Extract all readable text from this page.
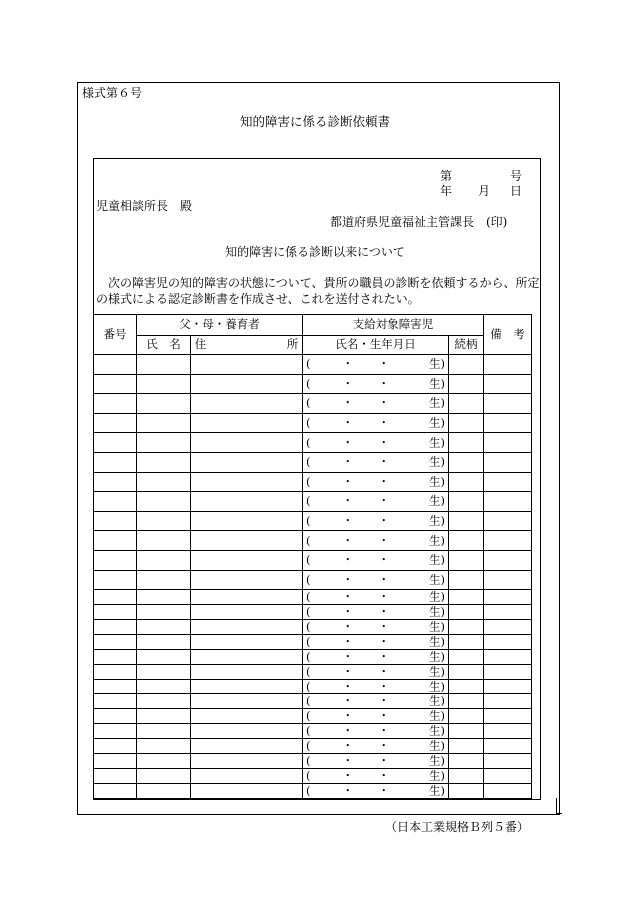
様式第６号
知的障害に係る診断依頼書
第	号
年 月 日
児童相談所長　殿
都道府県児童福祉主管課長　(印)
知的障害に係る診断以来について
　次の障害児の知的障害の状態について、貴所の職員の診断を依頼するから、所定
の様式による認定診断書を作成させ、これを送付されたい。
番号	父・母・養育者		支給対象障害児		備　考
	氏　名	住　　　　　　　所	氏名・生年月日	続柄	

			( ・ ・ 生)		

			( ・ ・ 生)		

			( ・ ・ 生)		

			( ・ ・ 生)		

			( ・ ・ 生)		

			( ・ ・ 生)		

			( ・ ・ 生)		

			( ・ ・ 生)		

			( ・ ・ 生)		

			( ・ ・ 生)		

			( ・ ・ 生)		

			( ・ ・ 生)		

			( ・ ・ 生)		

			( ・ ・ 生)		

			( ・ ・ 生)		

			( ・ ・ 生)		

			( ・ ・ 生)		

			( ・ ・ 生)		

			( ・ ・ 生)		

			( ・ ・ 生)		

			( ・ ・ 生)		

			( ・ ・ 生)		

			( ・ ・ 生)		

			( ・ ・ 生)		

			( ・ ・ 生)		

			( ・ ・ 生)		

（日本工業規格Ｂ列５番）
